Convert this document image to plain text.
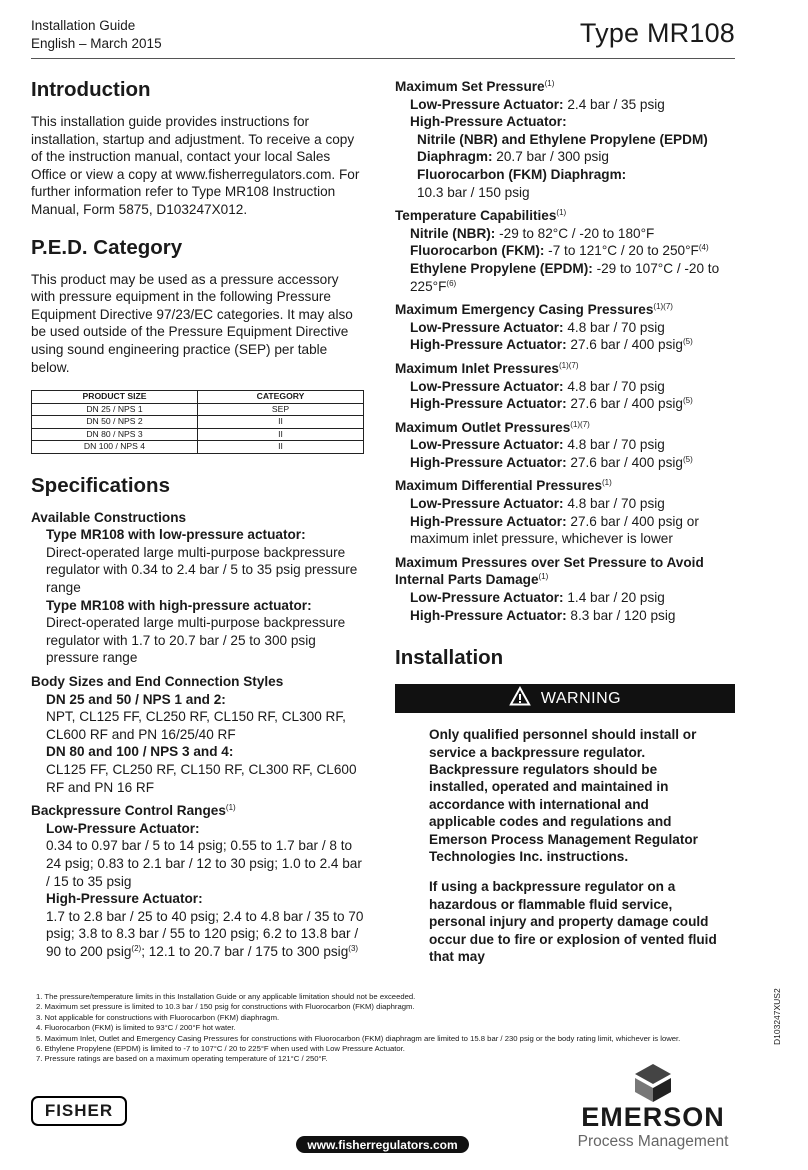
Installation Guide
English – March 2015	Type MR108
Introduction

This installation guide provides instructions for installation, startup and adjustment. To receive a copy of the instruction manual, contact your local Sales Office or view a copy at www.fisherregulators.com. For further information refer to Type MR108 Instruction Manual, Form 5875, D103247X012.

P.E.D. Category

This product may be used as a pressure accessory with pressure equipment in the following Pressure Equipment Directive 97/23/EC categories. It may also be used outside of the Pressure Equipment Directive using sound engineering practice (SEP) per table below.

PRODUCT SIZE	CATEGORY
DN 25 / NPS 1	SEP
DN 50 / NPS 2	II
DN 80 / NPS 3	II
DN 100 / NPS 4	II
Specifications
Available Constructions
Type MR108 with low-pressure actuator:
Direct-operated large multi-purpose backpressure regulator with 0.34 to 2.4 bar / 5 to 35 psig pressure range
Type MR108 with high-pressure actuator:
Direct-operated large multi-purpose backpressure regulator with 1.7 to 20.7 bar / 25 to 300 psig pressure range
Body Sizes and End Connection Styles
DN 25 and 50 / NPS 1 and 2:
NPT, CL125 FF, CL250 RF, CL150 RF, CL300 RF, CL600 RF and PN 16/25/40 RF
DN 80 and 100 / NPS 3 and 4:
CL125 FF, CL250 RF, CL150 RF, CL300 RF, CL600 RF and PN 16 RF
Backpressure Control Ranges$^{(1)}$
Low-Pressure Actuator:
0.34 to 0.97 bar / 5 to 14 psig; 0.55 to 1.7 bar / 8 to 24 psig; 0.83 to 2.1 bar / 12 to 30 psig; 1.0 to 2.4 bar / 15 to 35 psig
High-Pressure Actuator:
1.7 to 2.8 bar / 25 to 40 psig; 2.4 to 4.8 bar / 35 to 70 psig; 3.8 to 8.3 bar / 55 to 120 psig; 6.2 to 13.8 bar / 90 to 200 psig$^{(2)}$; 12.1 to 20.7 bar / 175 to 300 psig$^{(3)}$
Maximum Set Pressure$^{(1)}$
Low-Pressure Actuator: 2.4 bar / 35 psig
High-Pressure Actuator:
Nitrile (NBR) and Ethylene Propylene (EPDM) Diaphragm: 20.7 bar / 300 psig
Fluorocarbon (FKM) Diaphragm:
10.3 bar / 150 psig
Temperature Capabilities$^{(1)}$
Nitrile (NBR): -29 to 82°C / -20 to 180°F
Fluorocarbon (FKM): -7 to 121°C / 20 to $250^\circ F^{(4)}$
Ethylene Propylene (EPDM): -29 to 107°C / -20 to $225^\circ F^{(6)}$
Maximum Emergency Casing Pressures$^{(1)(7)}$
Low-Pressure Actuator: 4.8 bar / 70 psig
High-Pressure Actuator: 27.6 bar / 400 psig$^{(5)}$
Maximum Inlet Pressures$^{(1)(7)}$
Low-Pressure Actuator: 4.8 bar / 70 psig
High-Pressure Actuator: 27.6 bar / 400 psig$^{(5)}$
Maximum Outlet Pressures$^{(1)(7)}$
Low-Pressure Actuator: 4.8 bar / 70 psig
High-Pressure Actuator: 27.6 bar / 400 psig$^{(5)}$
Maximum Differential Pressures$^{(1)}$
Low-Pressure Actuator: 4.8 bar / 70 psig
High-Pressure Actuator: 27.6 bar / 400 psig or maximum inlet pressure, whichever is lower
Maximum Pressures over Set Pressure to Avoid Internal Parts Damage$^{(1)}$
Low-Pressure Actuator: 1.4 bar / 20 psig
High-Pressure Actuator: 8.3 bar / 120 psig
Installation
WARNING

Only qualified personnel should install or service a backpressure regulator. Backpressure regulators should be installed, operated and maintained in accordance with international and applicable codes and regulations and Emerson Process Management Regulator Technologies Inc. instructions.

If using a backpressure regulator on a hazardous or flammable fluid service, personal injury and property damage could occur due to fire or explosion of vented fluid that may

1. The pressure/temperature limits in this Installation Guide or any applicable limitation should not be exceeded.
2. Maximum set pressure is limited to 10.3 bar / 150 psig for constructions with Fluorocarbon (FKM) diaphragm.
3. Not applicable for constructions with Fluorocarbon (FKM) diaphragm.
4. Fluorocarbon (FKM) is limited to 93°C / 200°F hot water.
5. Maximum Inlet, Outlet and Emergency Casing Pressures for constructions with Fluorocarbon (FKM) diaphragm are limited to 15.8 bar / 230 psig or the body rating limit, whichever is lower.
6. Ethylene Propylene (EPDM) is limited to -7 to 107°C / 20 to 225°F when used with Low Pressure Actuator.
7. Pressure ratings are based on a maximum operating temperature of 121°C / 250°F.
D103247XUS2
FISHER
www.fisherregulators.com
EMERSON
Process Management
